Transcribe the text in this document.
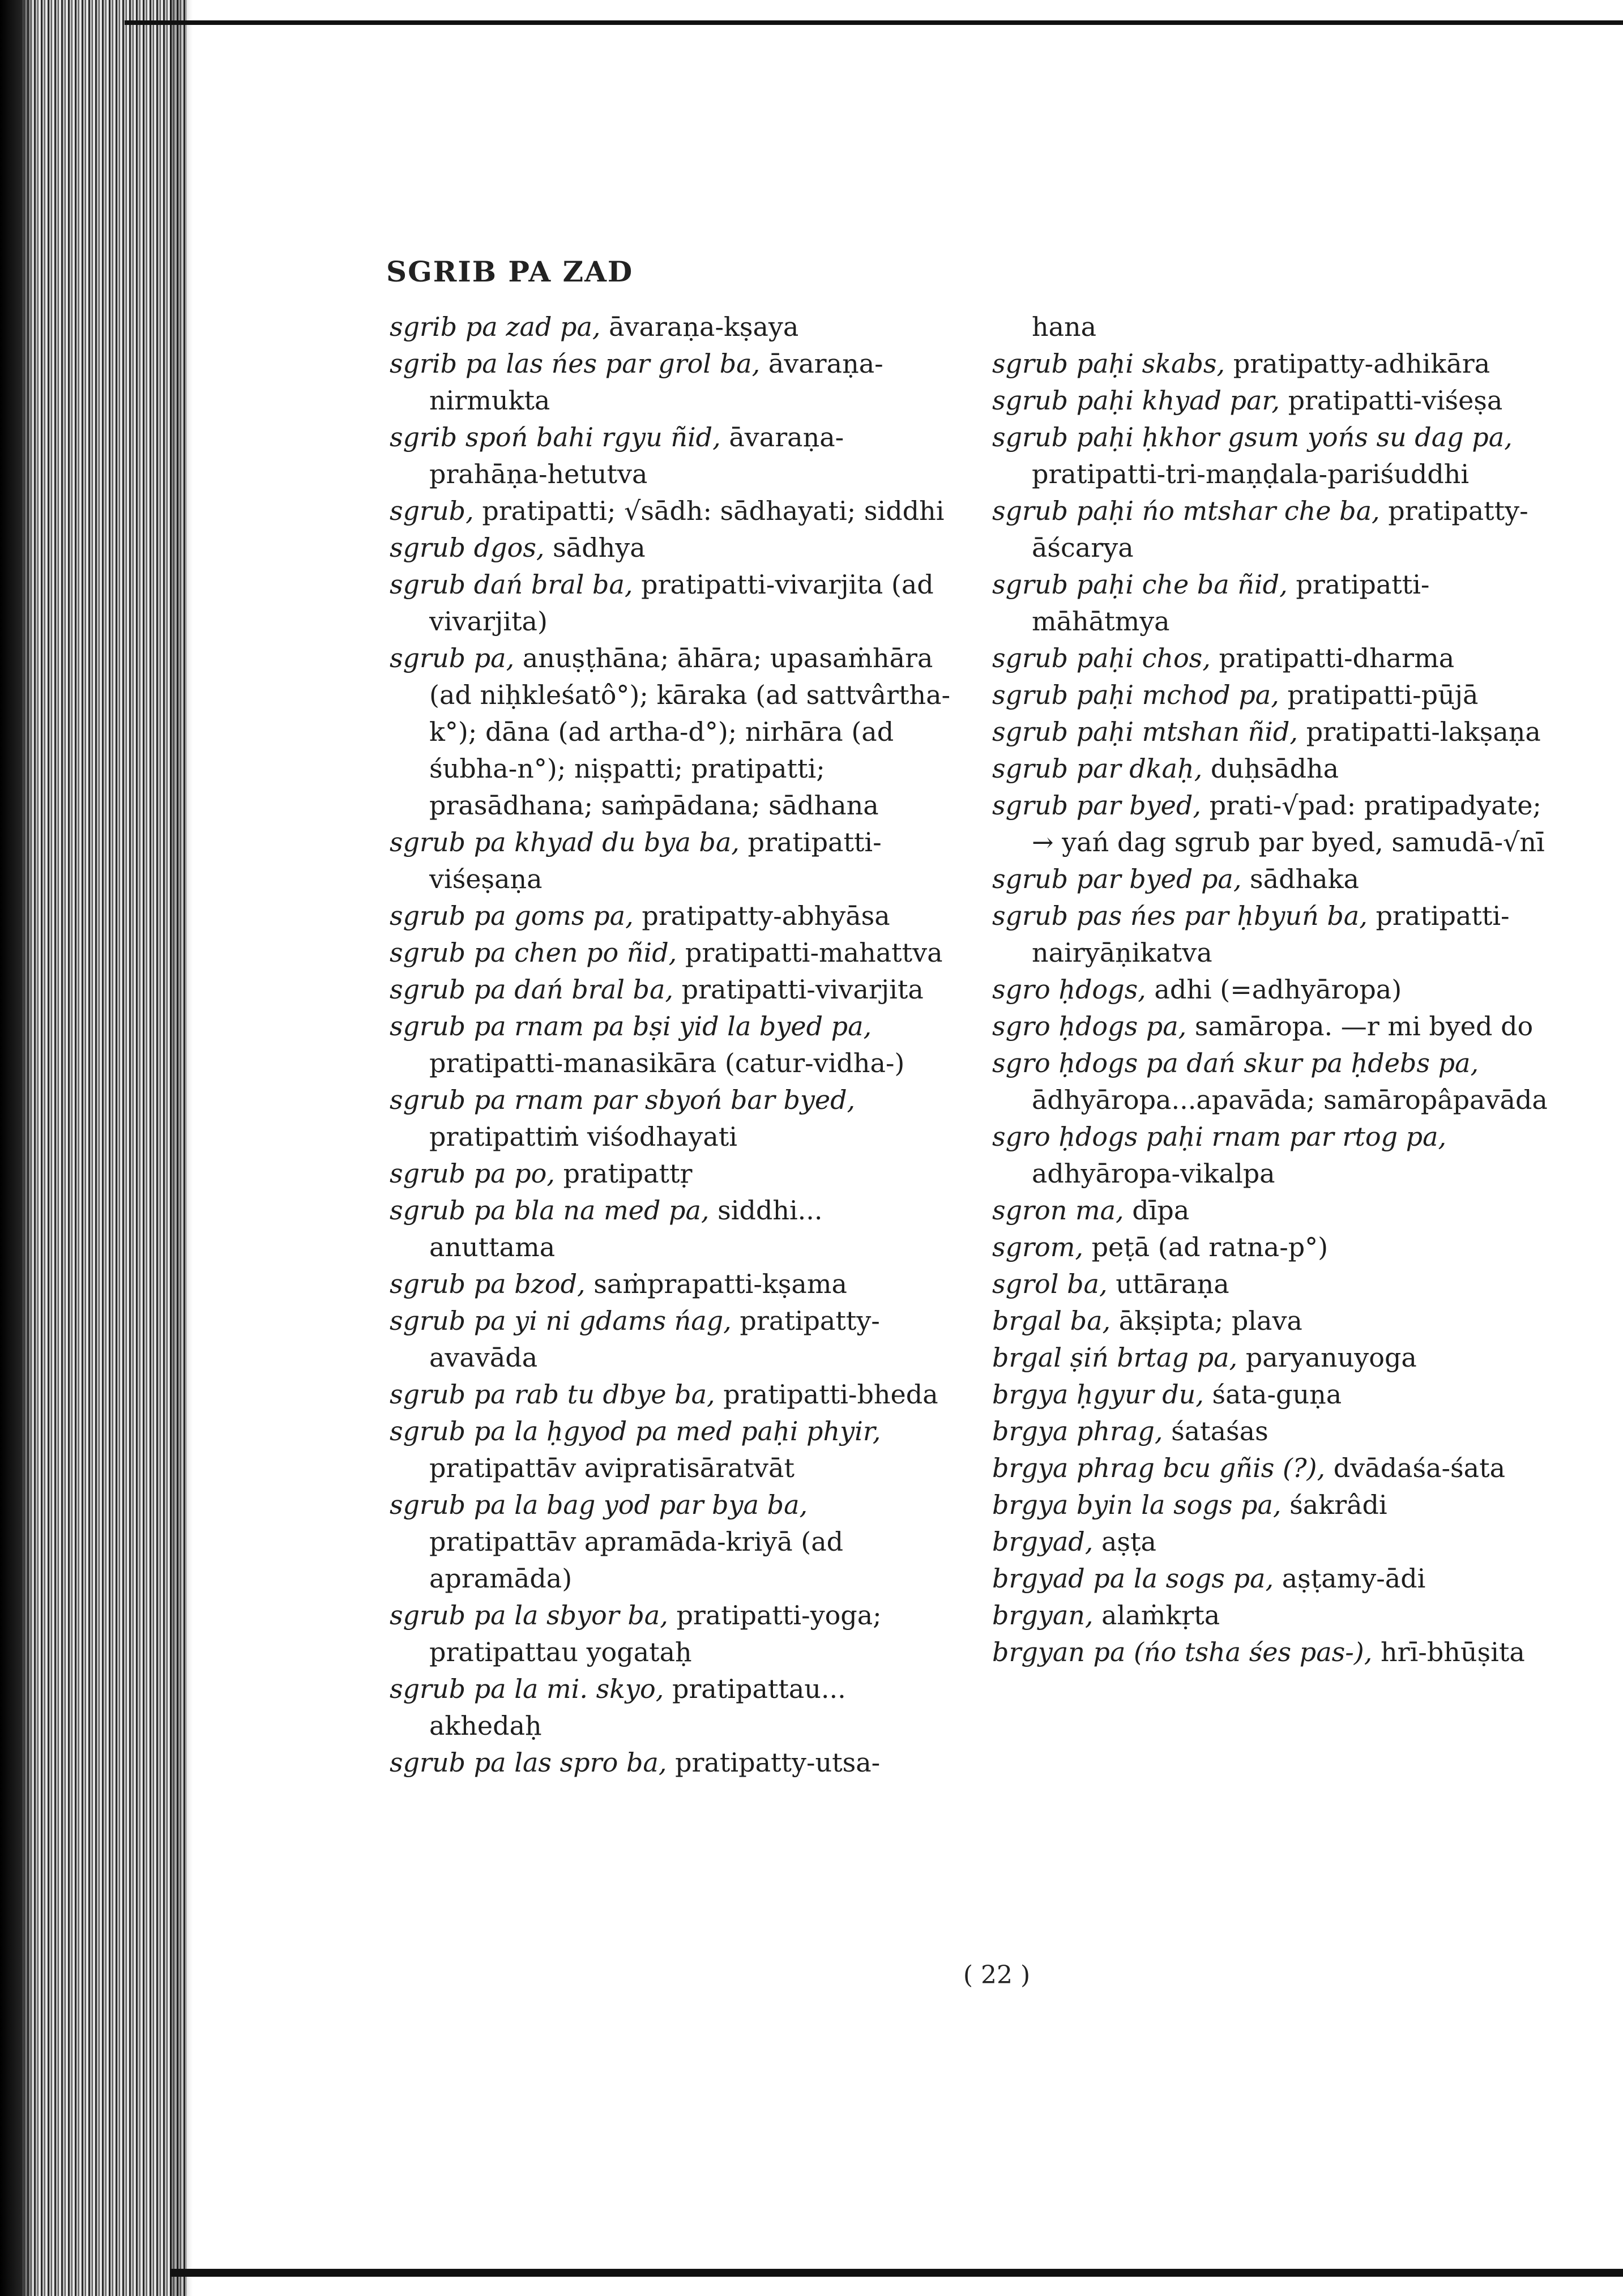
SGRIB PA ZAD

sgrib pa zad pa, āvaraṇa-kṣaya

sgrib pa las ńes par grol ba, āvaraṇa-nirmukta

sgrib spoń bahi rgyu ñid, āvaraṇa-prahāṇa-hetutva

sgrub, pratipatti; √sādh: sādhayati; siddhi

sgrub dgos, sādhya

sgrub dań bral ba, pratipatti-vivarjita (ad vivarjita)

sgrub pa, anuṣṭhāna; āhāra; upasaṁhāra (ad niḥkleśatô°); kāraka (ad sattvârtha-k°); dāna (ad artha-d°); nirhāra (ad śubha-n°); niṣpatti; pratipatti; prasādhana; saṁpādana; sādhana

sgrub pa khyad du bya ba, pratipatti-viśeṣaṇa

sgrub pa goms pa, pratipatty-abhyāsa

sgrub pa chen po ñid, pratipatti-mahattva

sgrub pa dań bral ba, pratipatti-vivarjita

sgrub pa rnam pa bṣi yid la byed pa, pratipatti-manasikāra (catur-vidha-)

sgrub pa rnam par sbyoń bar byed, pratipattiṁ viśodhayati

sgrub pa po, pratipattṛ

sgrub pa bla na med pa, siddhi... anuttama

sgrub pa bzod, saṁprapatti-kṣama

sgrub pa yi ni gdams ńag, pratipatty-avavāda

sgrub pa rab tu dbye ba, pratipatti-bheda

sgrub pa la ḥgyod pa med paḥi phyir, pratipattāv avipratisāratvāt

sgrub pa la bag yod par bya ba, pratipattāv apramāda-kriyā (ad apramāda)

sgrub pa la sbyor ba, pratipatti-yoga; pratipattau yogataḥ

sgrub pa la mi. skyo, pratipattau... akhedaḥ

sgrub pa las spro ba, pratipatty-utsa-

hana

sgrub paḥi skabs, pratipatty-adhikāra

sgrub paḥi khyad par, pratipatti-viśeṣa

sgrub paḥi ḥkhor gsum yońs su dag pa, pratipatti-tri-maṇḍala-pariśuddhi

sgrub paḥi ńo mtshar che ba, pratipatty-āścarya

sgrub paḥi che ba ñid, pratipatti-māhātmya

sgrub paḥi chos, pratipatti-dharma

sgrub paḥi mchod pa, pratipatti-pūjā

sgrub paḥi mtshan ñid, pratipatti-lakṣaṇa

sgrub par dkaḥ, duḥsādha

sgrub par byed, prati-√pad: pratipadyate; → yań dag sgrub par byed, samudā-√nī

sgrub par byed pa, sādhaka

sgrub pas ńes par ḥbyuń ba, pratipatti-nairyāṇikatva

sgro ḥdogs, adhi (=adhyāropa)

sgro ḥdogs pa, samāropa. —r mi byed do

sgro ḥdogs pa dań skur pa ḥdebs pa, ādhyāropa...apavāda; samāropâpavāda

sgro ḥdogs paḥi rnam par rtog pa, adhyāropa-vikalpa

sgron ma, dīpa

sgrom, peṭā (ad ratna-p°)

sgrol ba, uttāraṇa

brgal ba, ākṣipta; plava

brgal ṣiń brtag pa, paryanuyoga

brgya ḥgyur du, śata-guṇa

brgya phrag, śataśas

brgya phrag bcu gñis (?), dvādaśa-śata

brgya byin la sogs pa, śakrâdi

brgyad, aṣṭa

brgyad pa la sogs pa, aṣṭamy-ādi

brgyan, alaṁkṛta

brgyan pa (ńo tsha śes pas-), hrī-bhūṣita

( 22 )
